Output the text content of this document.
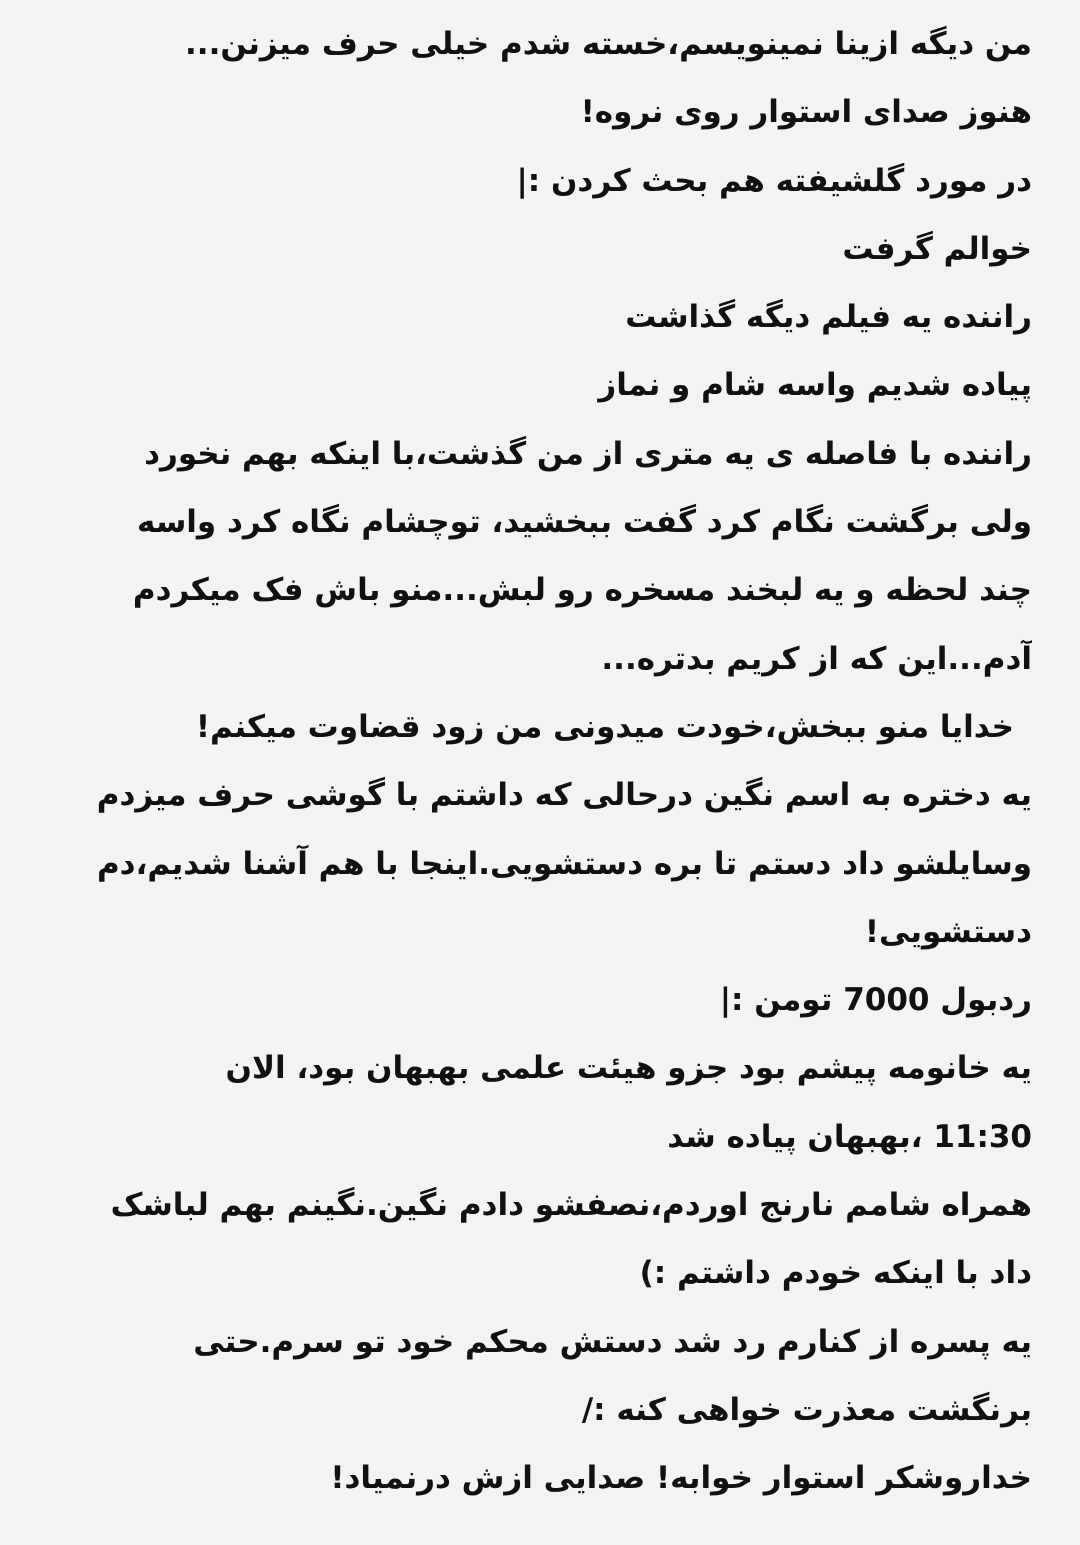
من دیگه ازینا نمینویسم،خسته شدم خیلی حرف میزنن...
هنوز صدای استوار روی نروه!
در مورد گلشیفته هم بحث کردن :|
خوالم گرفت
راننده یه فیلم دیگه گذاشت
پیاده شدیم واسه شام و نماز
راننده با فاصله ی یه متری از من گذشت،با اینکه بهم نخورد
ولی برگشت نگام کرد گفت ببخشید، توچشام نگاه کرد واسه
چند لحظه و یه لبخند مسخره رو لبش...منو باش فک میکردم
آدم...این که از کریم بدتره...
خدایا منو ببخش،خودت میدونی من زود قضاوت میکنم!
یه دختره به اسم نگین درحالی که داشتم با گوشی حرف میزدم
وسایلشو داد دستم تا بره دستشویی.اینجا با هم آشنا شدیم،دم
دستشویی!
ردبول 7000 تومن :|
یه خانومه پیشم بود جزو هیئت علمی بهبهان بود، الان
11:30 ،بهبهان پیاده شد
همراه شامم نارنج اوردم،نصفشو دادم نگین.نگینم بهم لباشک
داد با اینکه خودم داشتم :)
یه پسره از کنارم رد شد دستش محکم خود تو سرم.حتی
برنگشت معذرت خواهی کنه :/
خداروشکر استوار خوابه! صدایی ازش درنمیاد!
